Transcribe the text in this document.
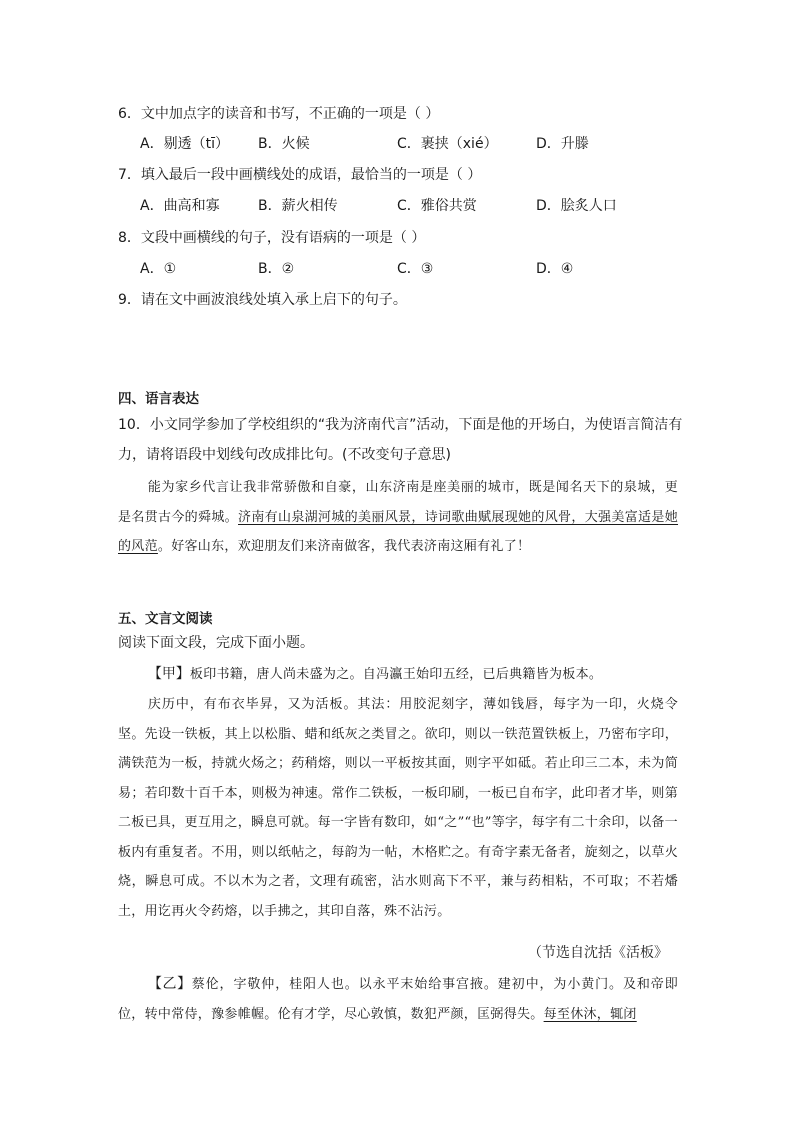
6．文中加点字的读音和书写，不正确的一项是（ ）
A．剔透（tī） B．火候	C．裹挟（xié）	D．升滕
7．填入最后一段中画横线处的成语，最恰当的一项是（ ）
A．曲高和寡	B．薪火相传	C．雅俗共赏	D．脍炙人口
8．文段中画横线的句子，没有语病的一项是（ ）
A．①	B．②	C．③	D．④
9．请在文中画波浪线处填入承上启下的句子。
四、语言表达
10．小文同学参加了学校组织的“我为济南代言”活动，下面是他的开场白，为使语言简洁有
力，请将语段中划线句改成排比句。(不改变句子意思)
能为家乡代言让我非常骄傲和自豪，山东济南是座美丽的城市，既是闻名天下的泉城，更是名贯古今的舜城。济南有山泉湖河城的美丽风景，诗词歌曲赋展现她的风骨，大强美富适是她的风范。好客山东，欢迎朋友们来济南做客，我代表济南这厢有礼了！
五、文言文阅读
阅读下面文段，完成下面小题。
【甲】板印书籍，唐人尚未盛为之。自冯瀛王始印五经，已后典籍皆为板本。
庆历中，有布衣毕昇，又为活板。其法：用胶泥刻字，薄如钱唇，每字为一印，火烧令坚。先设一铁板，其上以松脂、蜡和纸灰之类冒之。欲印，则以一铁范置铁板上，乃密布字印，满铁范为一板，持就火炀之；药稍熔，则以一平板按其面，则字平如砥。若止印三二本，未为简易；若印数十百千本，则极为神速。常作二铁板，一板印刷，一板已自布字，此印者才毕，则第二板已具，更互用之，瞬息可就。每一字皆有数印，如“之”“也”等字，每字有二十余印，以备一板内有重复者。不用，则以纸帖之，每韵为一帖，木格贮之。有奇字素无备者，旋刻之，以草火烧，瞬息可成。不以木为之者，文理有疏密，沾水则高下不平，兼与药相粘，不可取；不若燔土，用讫再火令药熔，以手拂之，其印自落，殊不沾污。
（节选自沈括《活板》
【乙】蔡伦，字敬仲，桂阳人也。以永平末始给事宫掖。建初中，为小黄门。及和帝即位，转中常侍，豫参帷幄。伦有才学，尽心敦慎，数犯严颜，匡弼得失。每至休沐，辄闭
